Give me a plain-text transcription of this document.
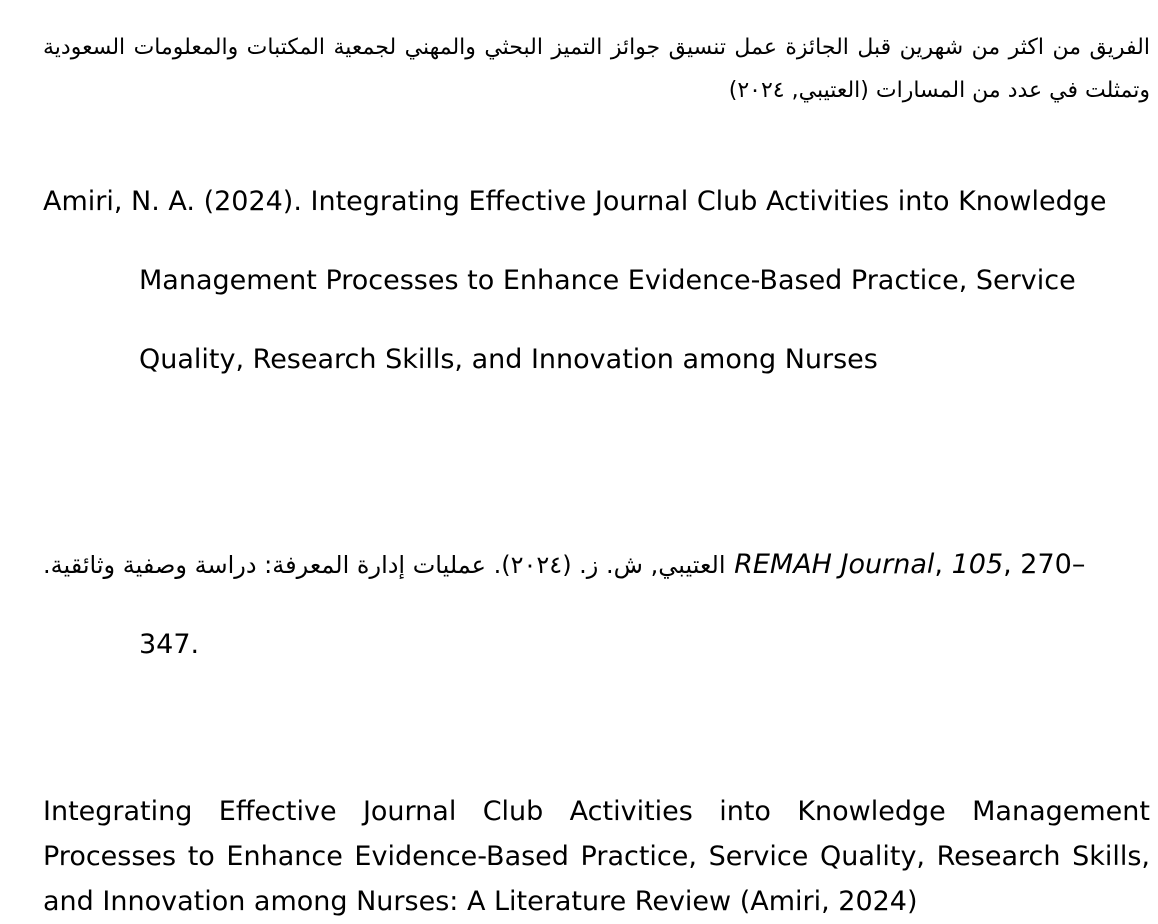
الفريق من اكثر من شهرين قبل الجائزة عمل تنسيق جوائز التميز البحثي والمهني لجمعية المكتبات والمعلومات السعودية وتمثلت في عدد من المسارات (العتيبي, ٢٠٢٤)

Amiri, N. A. (2024). Integrating Effective Journal Club Activities into Knowledge
Management Processes to Enhance Evidence-Based Practice, Service
Quality, Research Skills, and Innovation among Nurses
العتيبي, ش. ز. (٢٠٢٤). عمليات إدارة المعرفة: دراسة وصفية وثائقية. REMAH Journal, 105, 270–
347.

Integrating Effective Journal Club Activities into Knowledge Management Processes to Enhance Evidence-Based Practice, Service Quality, Research Skills, and Innovation among Nurses: A Literature Review (Amiri, 2024)
